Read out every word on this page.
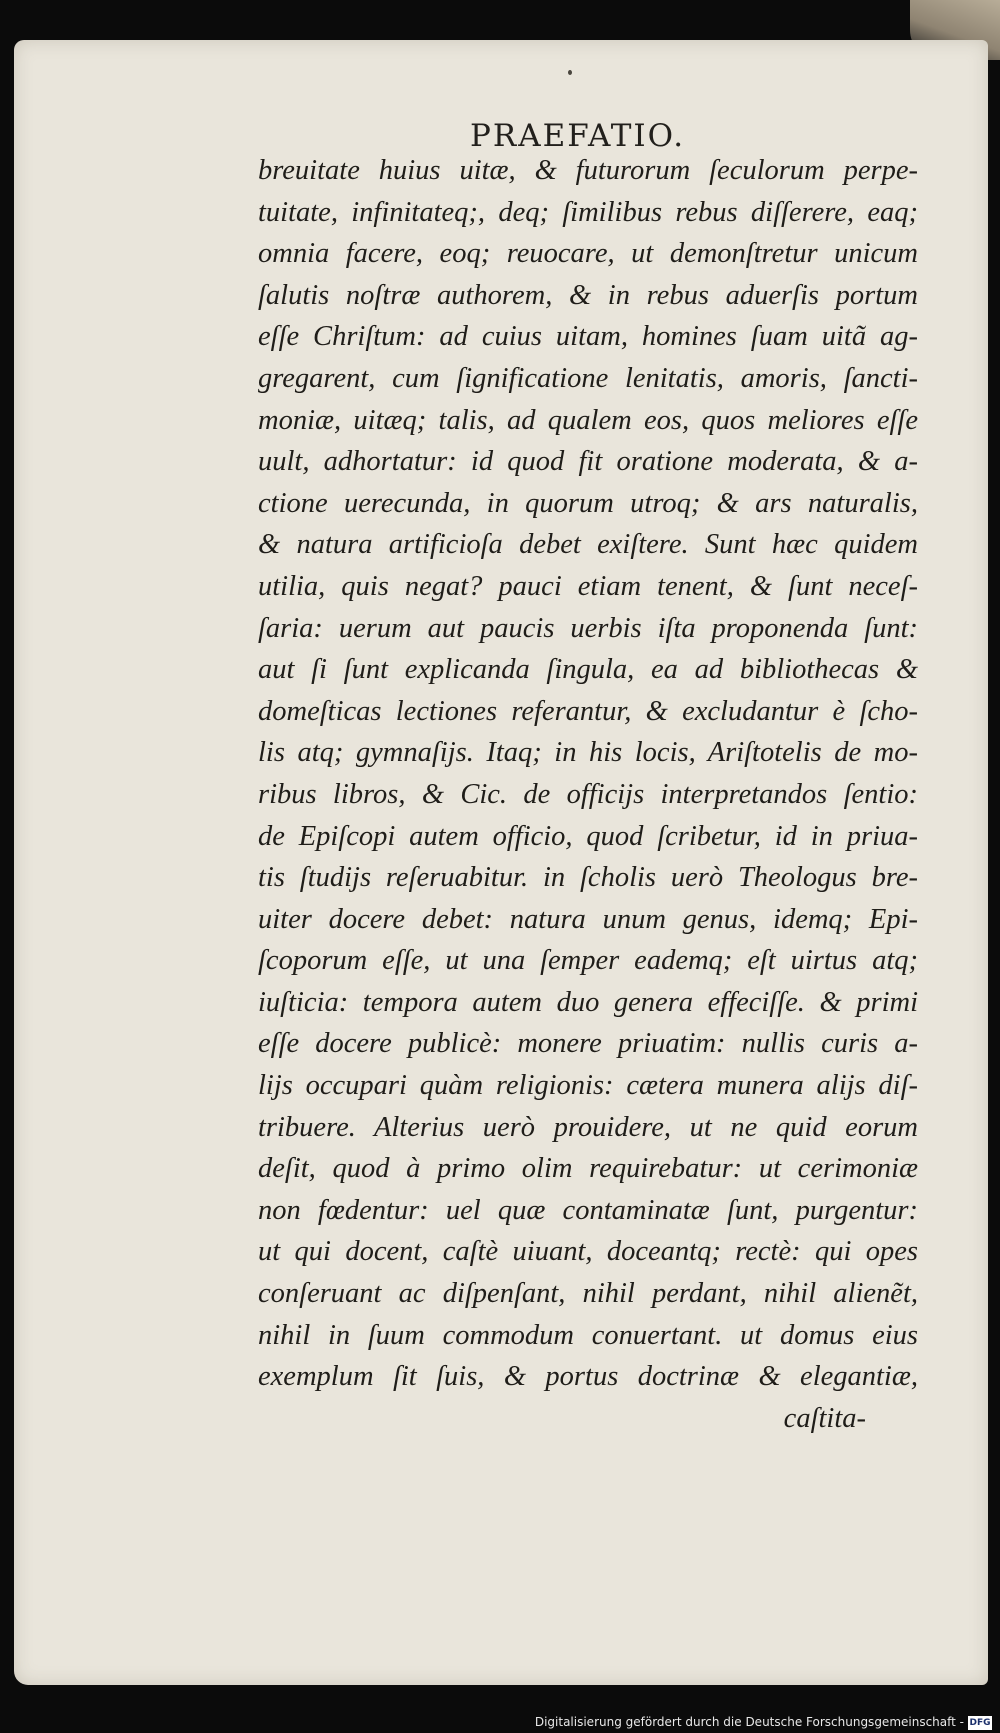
PRAEFATIO.
breuitate huius uitæ, & futurorum ſeculorum perpe-
tuitate, infinitateq;, deq; ſimilibus rebus diſſerere, eaq;
omnia facere, eoq; reuocare, ut demonſtretur unicum
ſalutis noſtræ authorem, & in rebus aduerſis portum
eſſe Chriſtum: ad cuius uitam, homines ſuam uitã ag-
gregarent, cum ſignificatione lenitatis, amoris, ſancti-
moniæ, uitæq; talis, ad qualem eos, quos meliores eſſe
uult, adhortatur: id quod fit oratione moderata, & a-
ctione uerecunda, in quorum utroq; & ars naturalis,
& natura artificioſa debet exiſtere. Sunt hæc quidem
utilia, quis negat? pauci etiam tenent, & ſunt neceſ-
ſaria: uerum aut paucis uerbis iſta proponenda ſunt:
aut ſi ſunt explicanda ſingula, ea ad bibliothecas &
domeſticas lectiones referantur, & excludantur è ſcho-
lis atq; gymnaſijs. Itaq; in his locis, Ariſtotelis de mo-
ribus libros, & Cic. de officijs interpretandos ſentio:
de Epiſcopi autem officio, quod ſcribetur, id in priua-
tis ſtudijs reſeruabitur. in ſcholis uerò Theologus bre-
uiter docere debet: natura unum genus, idemq; Epi-
ſcoporum eſſe, ut una ſemper eademq; eſt uirtus atq;
iuſticia: tempora autem duo genera effeciſſe. & primi
eſſe docere publicè: monere priuatim: nullis curis a-
lijs occupari quàm religionis: cætera munera alijs diſ-
tribuere. Alterius uerò prouidere, ut ne quid eorum
deſit, quod à primo olim requirebatur: ut cerimoniæ
non fœdentur: uel quæ contaminatæ ſunt, purgentur:
ut qui docent, caſtè uiuant, doceantq; rectè: qui opes
conſeruant ac diſpenſant, nihil perdant, nihil alienẽt,
nihil in ſuum commodum conuertant. ut domus eius
exemplum ſit ſuis, & portus doctrinæ & elegantiæ,
caſtita-
Digitalisierung gefördert durch die Deutsche Forschungsgemeinschaft - DFG
